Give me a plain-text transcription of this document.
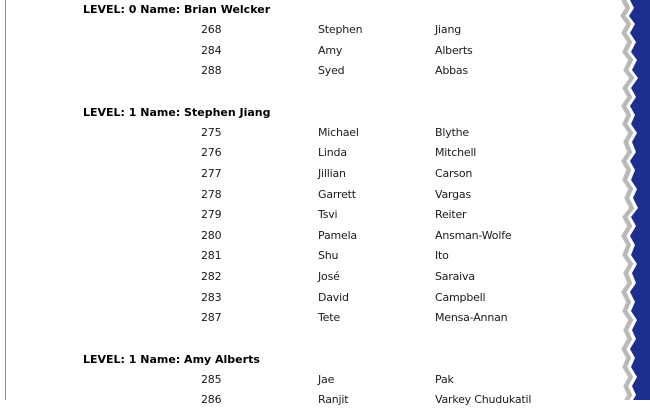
LEVEL: 0 Name: Brian Welcker
268	Stephen	Jiang
284	Amy	Alberts
288	Syed	Abbas
LEVEL: 1 Name: Stephen Jiang
275	Michael	Blythe
276	Linda	Mitchell
277	Jillian	Carson
278	Garrett	Vargas
279	Tsvi	Reiter
280	Pamela	Ansman-Wolfe
281	Shu	Ito
282	José	Saraiva
283	David	Campbell
287	Tete	Mensa-Annan
LEVEL: 1 Name: Amy Alberts
285	Jae	Pak
286	Ranjit	Varkey Chudukatil
